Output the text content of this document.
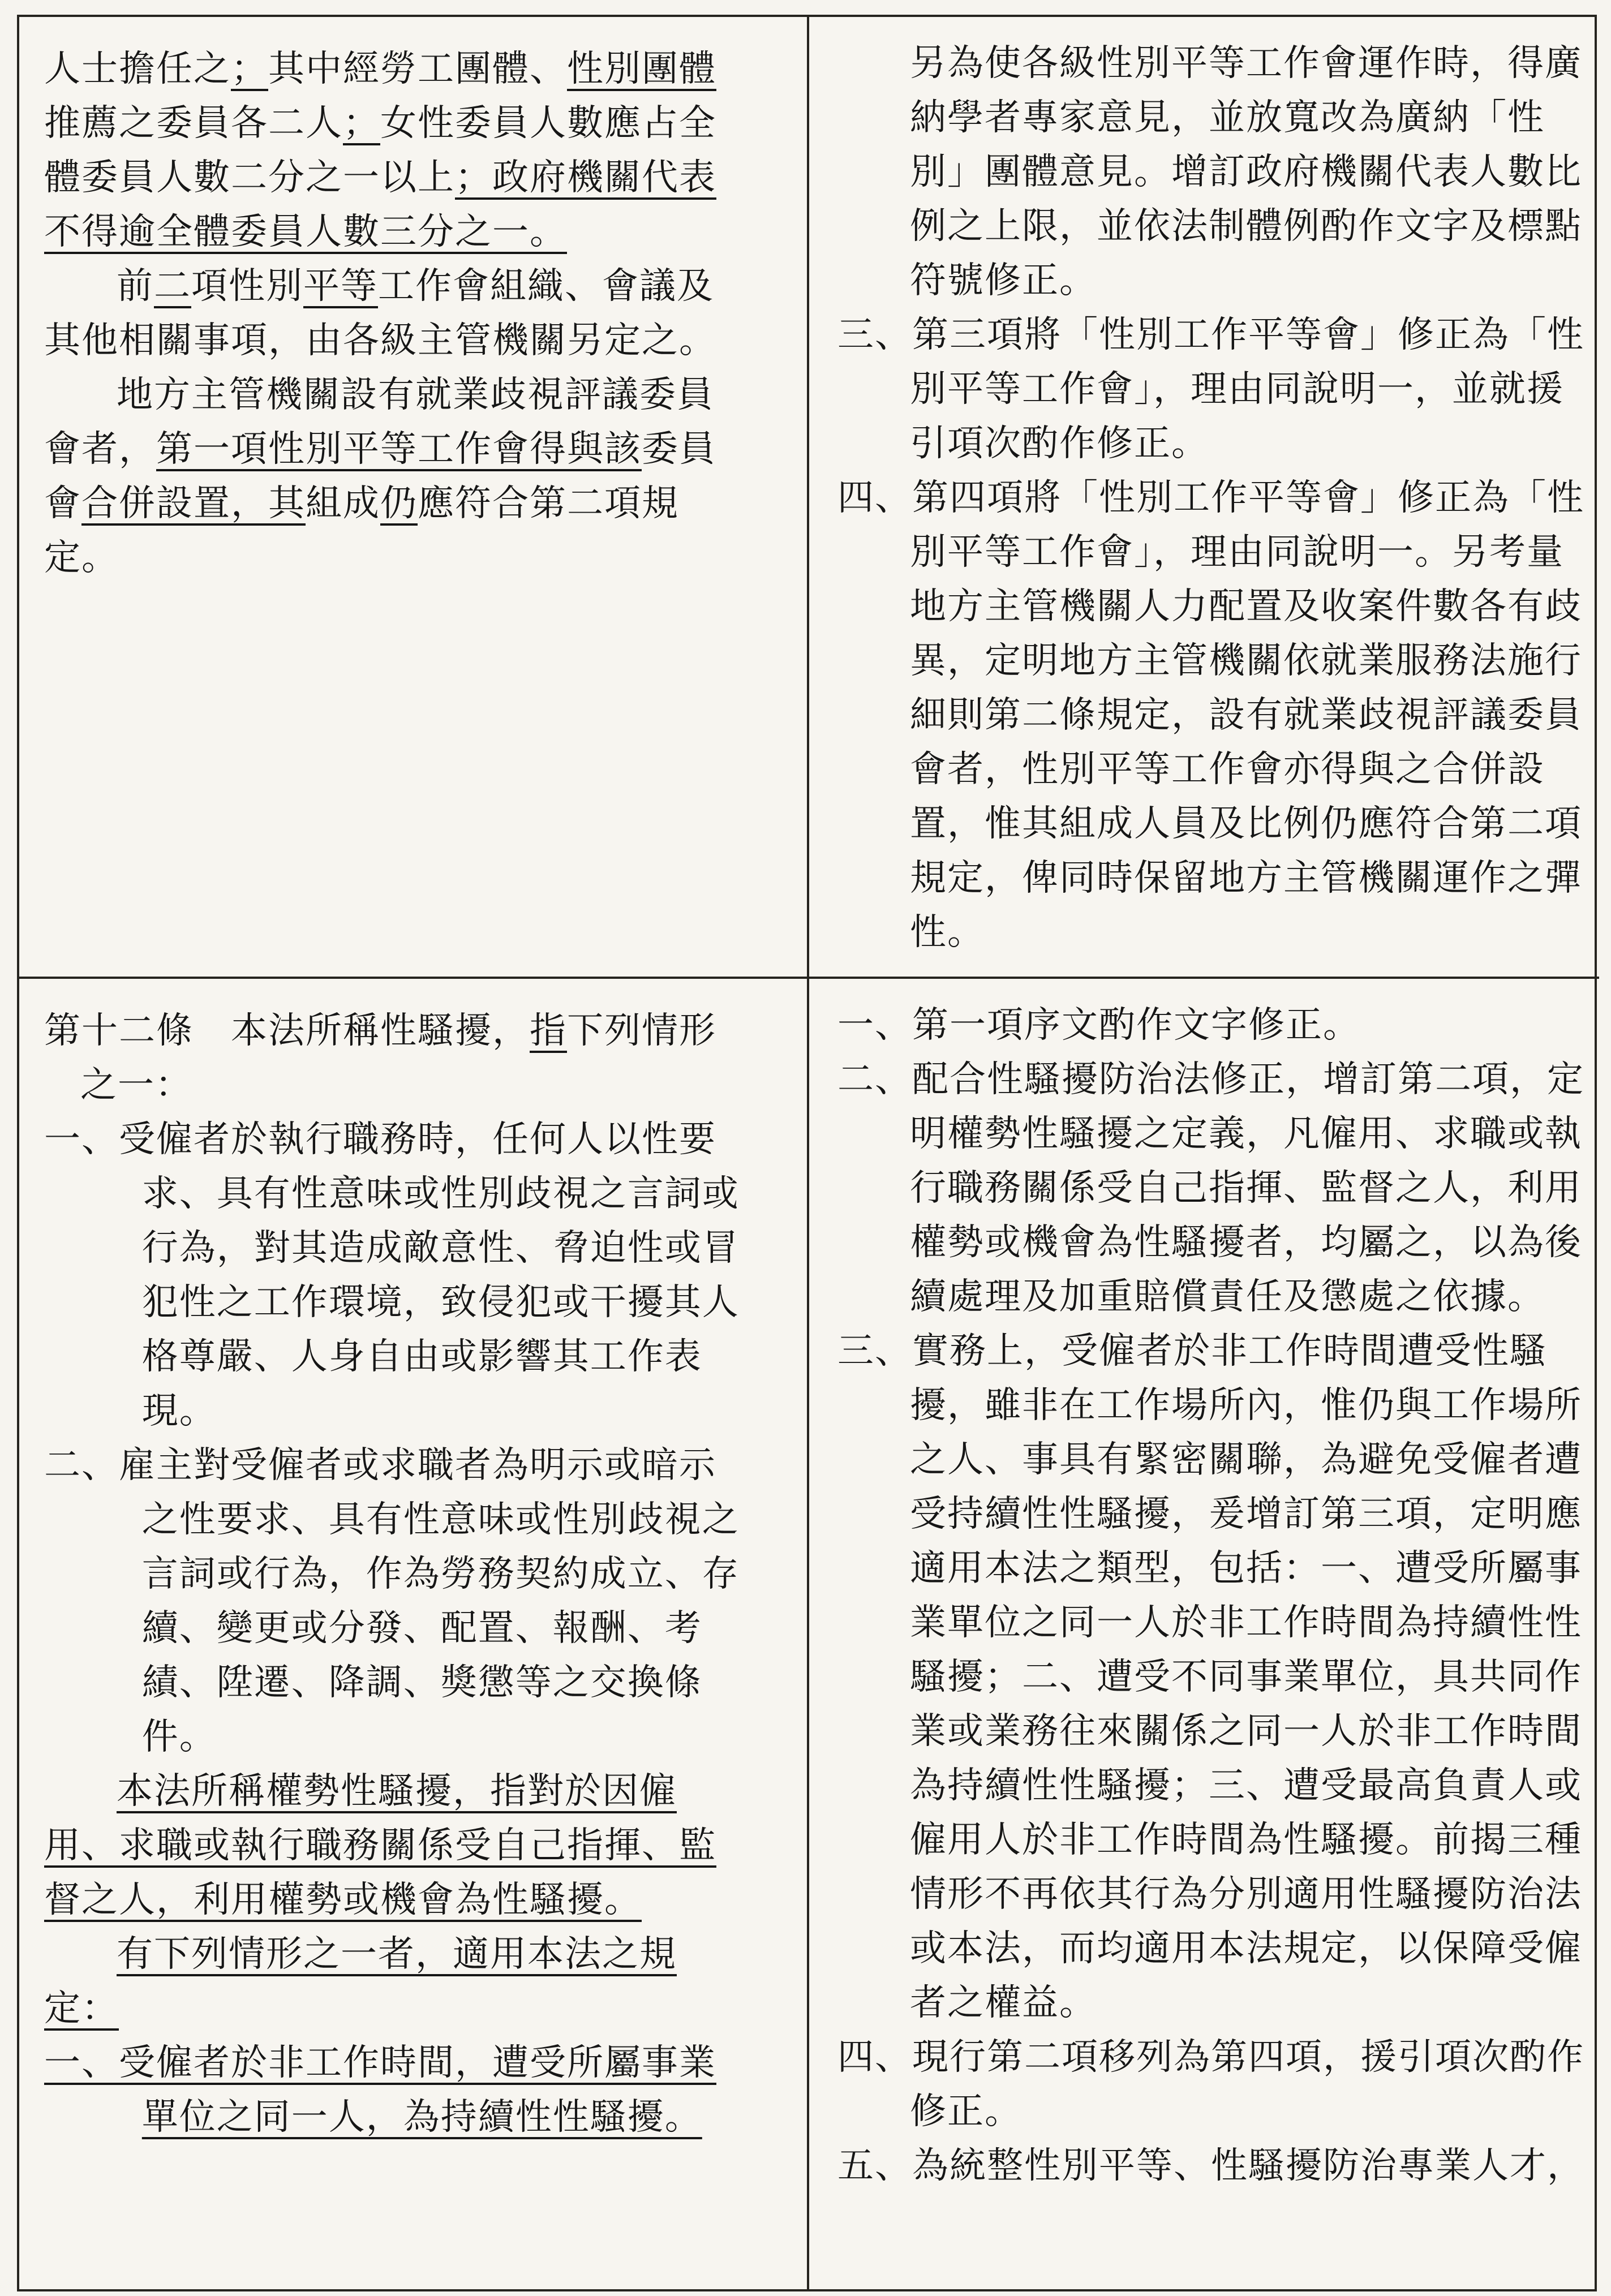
人士擔任之；其中經勞工團體、性別團體推薦之委員各二人；女性委員人數應占全體委員人數二分之一以上；政府機關代表不得逾全體委員人數三分之一。

前二項性別平等工作會組織、會議及其他相關事項，由各級主管機關另定之。

地方主管機關設有就業歧視評議委員會者，第一項性別平等工作會得與該委員會合併設置，其組成仍應符合第二項規定。

另為使各級性別平等工作會運作時，得廣納學者專家意見，並放寬改為廣納「性別」團體意見。增訂政府機關代表人數比例之上限，並依法制體例酌作文字及標點符號修正。

三、第三項將「性別工作平等會」修正為「性別平等工作會」，理由同說明一，並就援引項次酌作修正。

四、第四項將「性別工作平等會」修正為「性別平等工作會」，理由同說明一。另考量地方主管機關人力配置及收案件數各有歧異，定明地方主管機關依就業服務法施行細則第二條規定，設有就業歧視評議委員會者，性別平等工作會亦得與之合併設置，惟其組成人員及比例仍應符合第二項規定，俾同時保留地方主管機關運作之彈性。

第十二條　本法所稱性騷擾，指下列情形之一：

一、受僱者於執行職務時，任何人以性要求、具有性意味或性別歧視之言詞或行為，對其造成敵意性、脅迫性或冒犯性之工作環境，致侵犯或干擾其人格尊嚴、人身自由或影響其工作表現。

二、雇主對受僱者或求職者為明示或暗示之性要求、具有性意味或性別歧視之言詞或行為，作為勞務契約成立、存續、變更或分發、配置、報酬、考績、陞遷、降調、獎懲等之交換條件。

本法所稱權勢性騷擾，指對於因僱用、求職或執行職務關係受自己指揮、監督之人，利用權勢或機會為性騷擾。

有下列情形之一者，適用本法之規定：

一、受僱者於非工作時間，遭受所屬事業單位之同一人，為持續性性騷擾。

一、第一項序文酌作文字修正。

二、配合性騷擾防治法修正，增訂第二項，定明權勢性騷擾之定義，凡僱用、求職或執行職務關係受自己指揮、監督之人，利用權勢或機會為性騷擾者，均屬之，以為後續處理及加重賠償責任及懲處之依據。

三、實務上，受僱者於非工作時間遭受性騷擾，雖非在工作場所內，惟仍與工作場所之人、事具有緊密關聯，為避免受僱者遭受持續性性騷擾，爰增訂第三項，定明應適用本法之類型，包括：一、遭受所屬事業單位之同一人於非工作時間為持續性性騷擾；二、遭受不同事業單位，具共同作業或業務往來關係之同一人於非工作時間為持續性性騷擾；三、遭受最高負責人或僱用人於非工作時間為性騷擾。前揭三種情形不再依其行為分別適用性騷擾防治法或本法，而均適用本法規定，以保障受僱者之權益。

四、現行第二項移列為第四項，援引項次酌作修正。

五、為統整性別平等、性騷擾防治專業人才，
